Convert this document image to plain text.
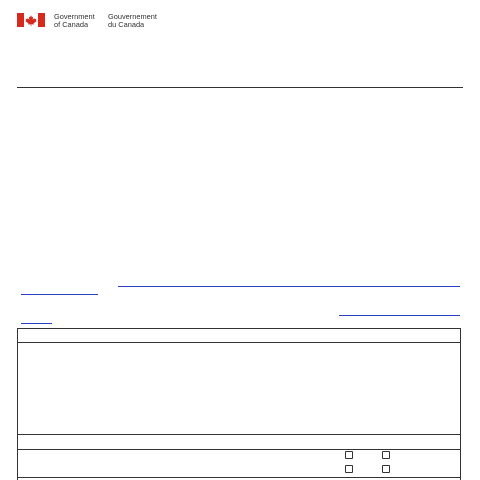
Government
of Canada
Gouvernement
du Canada
